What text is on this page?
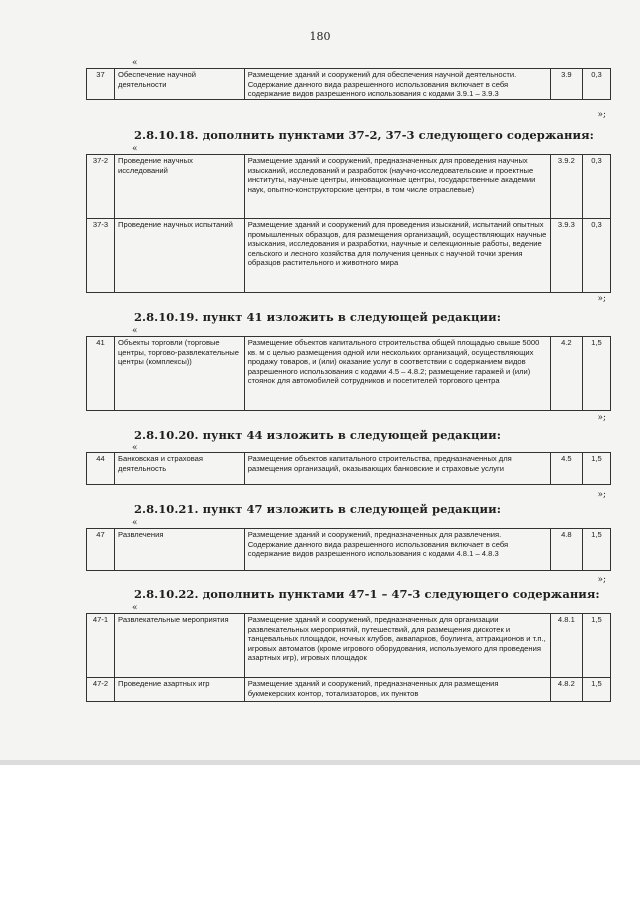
180
«
37	Обеспечение научной деятельности	Размещение зданий и сооружений для обеспечения научной деятельности. Содержание данного вида разрешенного использования включает в себя содержание видов разрешенного использования с кодами 3.9.1 – 3.9.3	3.9	0,3
»;
2.8.10.18. дополнить пунктами 37-2, 37-3 следующего содержания:
«
37-2	Проведение научных исследований	Размещение зданий и сооружений, предназначенных для проведения научных изысканий, исследований и разработок (научно-исследовательские и проектные институты, научные центры, инновационные центры, государственные академии наук, опытно-конструкторские центры, в том числе отраслевые)	3.9.2	0,3
37-3	Проведение научных испытаний	Размещение зданий и сооружений для проведения изысканий, испытаний опытных промышленных образцов, для размещения организаций, осуществляющих научные изыскания, исследования и разработки, научные и селекционные работы, ведение сельского и лесного хозяйства для получения ценных с научной точки зрения образцов растительного и животного мира	3.9.3	0,3
»;
2.8.10.19. пункт 41 изложить в следующей редакции:
«
41	Объекты торговли (торговые центры, торгово-развлекательные центры (комплексы))	Размещение объектов капитального строительства общей площадью свыше 5000 кв. м с целью размещения одной или нескольких организаций, осуществляющих продажу товаров, и (или) оказание услуг в соответствии с содержанием видов разрешенного использования с кодами 4.5 – 4.8.2; размещение гаражей и (или) стоянок для автомобилей сотрудников и посетителей торгового центра	4.2	1,5
»;
2.8.10.20. пункт 44 изложить в следующей редакции:
«
44	Банковская и страховая деятельность	Размещение объектов капитального строительства, предназначенных для размещения организаций, оказывающих банковские и страховые услуги	4.5	1,5
»;
2.8.10.21. пункт 47 изложить в следующей редакции:
«
47	Развлечения	Размещение зданий и сооружений, предназначенных для развлечения. Содержание данного вида разрешенного использования включает в себя содержание видов разрешенного использования с кодами 4.8.1 – 4.8.3	4.8	1,5
»;
2.8.10.22. дополнить пунктами 47-1 – 47-3 следующего содержания:
«
47-1	Развлекательные мероприятия	Размещение зданий и сооружений, предназначенных для организации развлекательных мероприятий, путешествий, для размещения дискотек и танцевальных площадок, ночных клубов, аквапарков, боулинга, аттракционов и т.п., игровых автоматов (кроме игрового оборудования, используемого для проведения азартных игр), игровых площадок	4.8.1	1,5
47-2	Проведение азартных игр	Размещение зданий и сооружений, предназначенных для размещения букмекерских контор, тотализаторов, их пунктов	4.8.2	1,5
